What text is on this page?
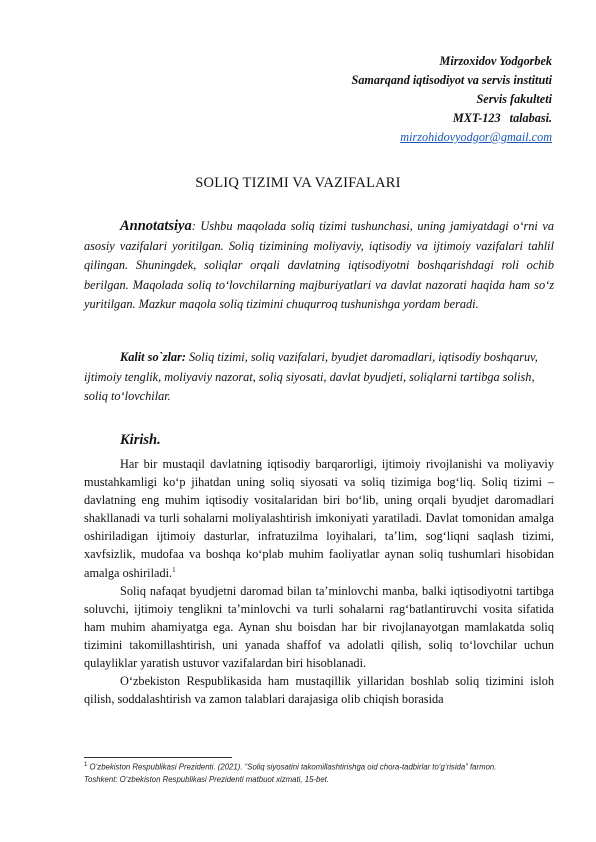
Mirzoxidov Yodgorbek
Samarqand iqtisodiyot va servis instituti
Servis fakulteti
MXT-123   talabasi.
mirzohidovyodgor@gmail.com
SOLIQ TIZIMI VA VAZIFALARI
Annotatsiya: Ushbu maqolada soliq tizimi tushunchasi, uning jamiyatdagi o‘rni va asosiy vazifalari yoritilgan. Soliq tizimining moliyaviy, iqtisodiy va ijtimoiy vazifalari tahlil qilingan. Shuningdek, soliqlar orqali davlatning iqtisodiyotni boshqarishdagi roli ochib berilgan. Maqolada soliq to‘lovchilarning majburiyatlari va davlat nazorati haqida ham so‘z yuritilgan. Mazkur maqola soliq tizimini chuqurroq tushunishga yordam beradi.
Kalit so`zlar: Soliq tizimi, soliq vazifalari, byudjet daromadlari, iqtisodiy boshqaruv, ijtimoiy tenglik, moliyaviy nazorat, soliq siyosati, davlat byudjeti, soliqlarni tartibga solish, soliq to‘lovchilar.
Kirish.

Har bir mustaqil davlatning iqtisodiy barqarorligi, ijtimoiy rivojlanishi va moliyaviy mustahkamligi ko‘p jihatdan uning soliq siyosati va soliq tizimiga bog‘liq. Soliq tizimi – davlatning eng muhim iqtisodiy vositalaridan biri bo‘lib, uning orqali byudjet daromadlari shakllanadi va turli sohalarni moliyalashtirish imkoniyati yaratiladi. Davlat tomonidan amalga oshiriladigan ijtimoiy dasturlar, infratuzilma loyihalari, ta’lim, sog‘liqni saqlash tizimi, xavfsizlik, mudofaa va boshqa ko‘plab muhim faoliyatlar aynan soliq tushumlari hisobidan amalga oshiriladi.$^1$

Soliq nafaqat byudjetni daromad bilan ta’minlovchi manba, balki iqtisodiyotni tartibga soluvchi, ijtimoiy tenglikni ta’minlovchi va turli sohalarni rag‘batlantiruvchi vosita sifatida ham muhim ahamiyatga ega. Aynan shu boisdan har bir rivojlanayotgan mamlakatda soliq tizimini takomillashtirish, uni yanada shaffof va adolatli qilish, soliq to‘lovchilar uchun qulayliklar yaratish ustuvor vazifalardan biri hisoblanadi.

O‘zbekiston Respublikasida ham mustaqillik yillaridan boshlab soliq tizimini isloh qilish, soddalashtirish va zamon talablari darajasiga olib chiqish borasida

$^1$ O‘zbekiston Respublikasi Prezidenti. (2021). “Soliq siyosatini takomillashtirishga oid chora-tadbirlar to‘g‘risida” farmon. Toshkent: O‘zbekiston Respublikasi Prezidenti matbuot xizmati, 15-bet.
